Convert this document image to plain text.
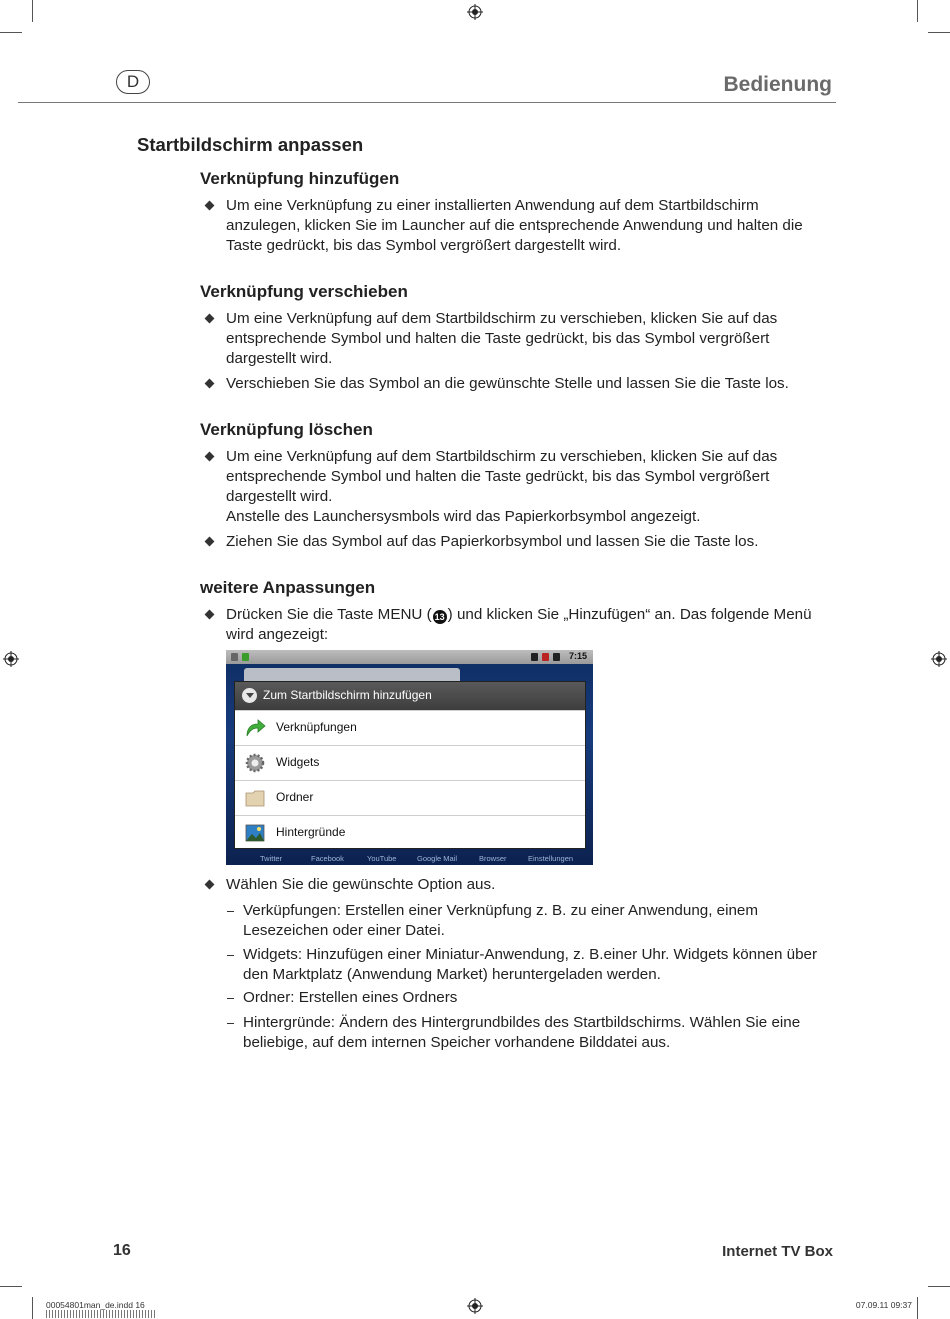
D	Bedienung
Startbildschirm anpassen
Verknüpfung hinzufügen
Um eine Verknüpfung zu einer installierten Anwendung auf dem Startbildschirm anzulegen, klicken Sie im Launcher auf die entsprechende Anwendung und halten die Taste gedrückt, bis das Symbol vergrößert dargestellt wird.
Verknüpfung verschieben
Um eine Verknüpfung auf dem Startbildschirm zu verschieben, klicken Sie auf das entsprechende Symbol und halten die Taste gedrückt, bis das Symbol vergrößert dargestellt wird.
Verschieben Sie das Symbol an die gewünschte Stelle und lassen Sie die Taste los.
Verknüpfung löschen
Um eine Verknüpfung auf dem Startbildschirm zu verschieben, klicken Sie auf das entsprechende Symbol und halten die Taste gedrückt, bis das Symbol vergrößert dargestellt wird.
Anstelle des Launchersysmbols wird das Papierkorbsymbol angezeigt.
Ziehen Sie das Symbol auf das Papierkorbsymbol und lassen Sie die Taste los.
weitere Anpassungen
Drücken Sie die Taste MENU ( 13 ) und klicken Sie „Hinzufügen“ an. Das folgende Menü wird angezeigt:
7:15
Zum Startbildschirm hinzufügen
Verknüpfungen
Widgets
Ordner
Hintergründe
Twitter	Facebook	YouTube	Google Mail	Browser	Einstellungen
Wählen Sie die gewünschte Option aus.
Verküpfungen: Erstellen einer Verknüpfung z. B. zu einer Anwendung, einem Lesezeichen oder einer Datei.
Widgets: Hinzufügen einer Miniatur-Anwendung, z. B.einer Uhr. Widgets können über den Marktplatz (Anwendung Market) heruntergeladen werden.
Ordner: Erstellen eines Ordners
Hintergründe: Ändern des Hintergrundbildes des Startbildschirms. Wählen Sie eine beliebige, auf dem internen Speicher vorhandene Bilddatei aus.
16	Internet TV Box
00054801man_de.indd 16	07.09.11 09:37
